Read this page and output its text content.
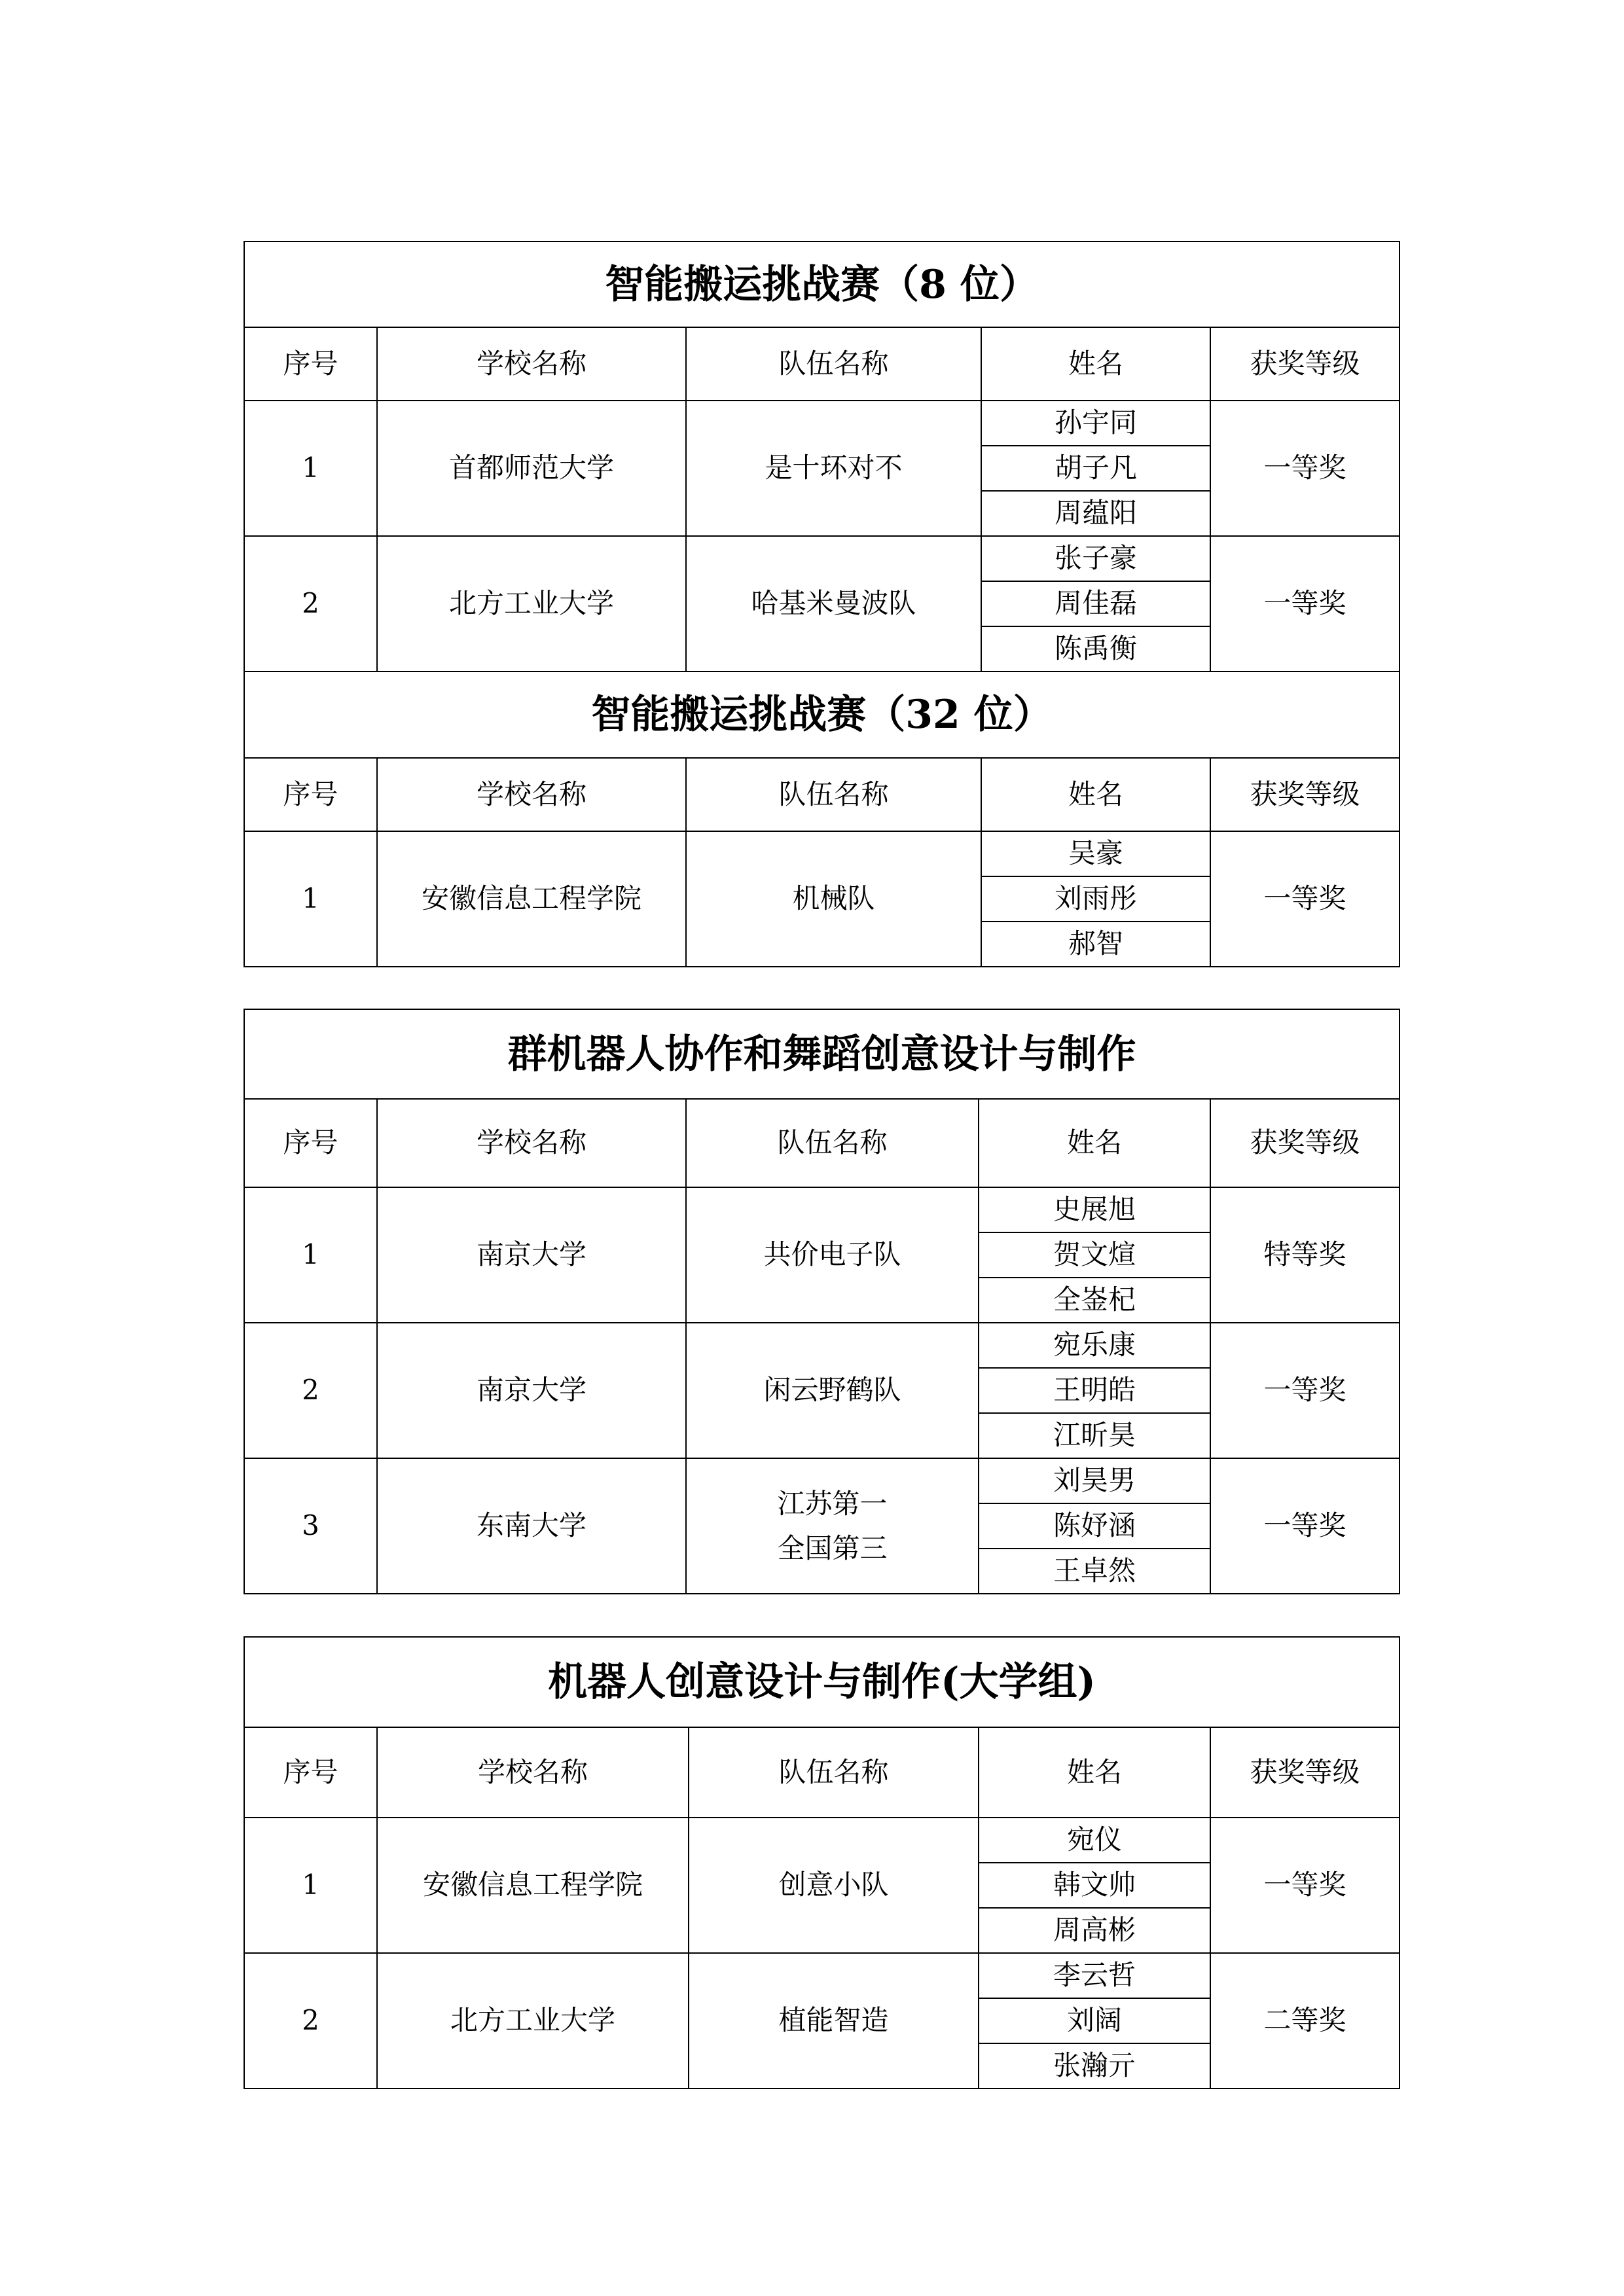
智能搬运挑战赛（8 位）				
序号	学校名称	队伍名称	姓名	获奖等级
1	首都师范大学	是十环对不	孙宇同	一等奖
			胡子凡	
			周蕴阳	
2	北方工业大学	哈基米曼波队	张子豪	一等奖
			周佳磊	
			陈禹衡	
智能搬运挑战赛（32 位）				
序号	学校名称	队伍名称	姓名	获奖等级
1	安徽信息工程学院	机械队	吴豪	一等奖
			刘雨彤	
			郝智	
群机器人协作和舞蹈创意设计与制作				
序号	学校名称	队伍名称	姓名	获奖等级
1	南京大学	共价电子队	史展旭	特等奖
			贺文煊	
			全崟杞	
2	南京大学	闲云野鹤队	宛乐康	一等奖
			王明皓	
			江昕昊	
3	东南大学	江苏第一
全国第三	刘昊男	一等奖
			陈妤涵	
			王卓然	
机器人创意设计与制作(大学组)				
序号	学校名称	队伍名称	姓名	获奖等级
1	安徽信息工程学院	创意小队	宛仪	一等奖
			韩文帅	
			周高彬	
2	北方工业大学	植能智造	李云哲	二等奖
			刘阔	
			张瀚亓	
